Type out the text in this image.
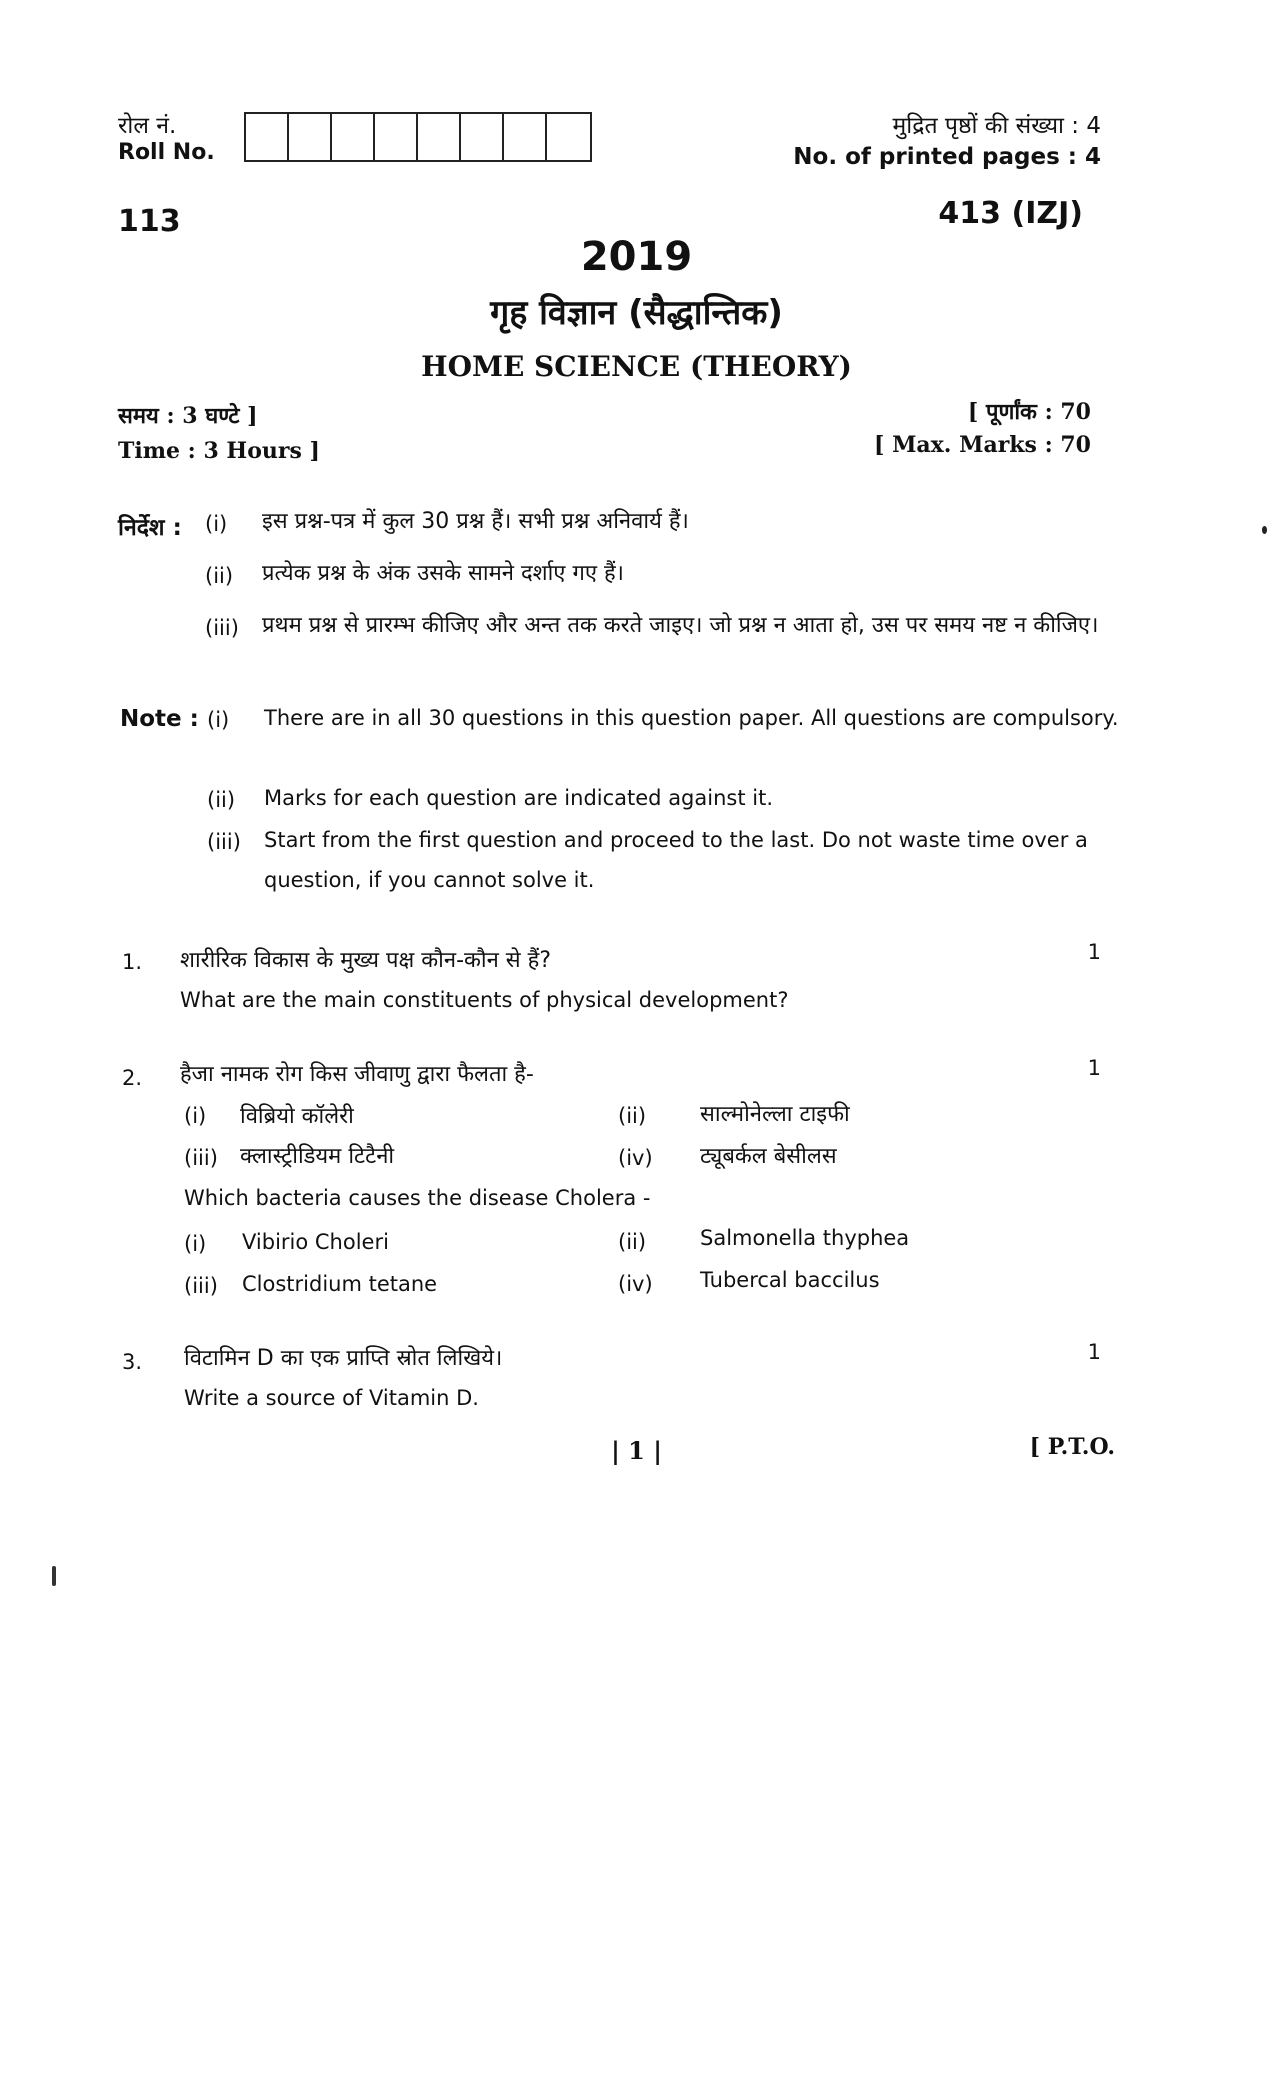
रोल नं.
Roll No.
मुद्रित पृष्ठों की संख्या : 4
No. of printed pages : 4
113	413 (IZJ)
2019
गृह विज्ञान (सैद्धान्तिक)
HOME SCIENCE (THEORY)
समय : 3 घण्टे ]
Time : 3 Hours ]
[ पूर्णांक : 70
[ Max. Marks : 70
निर्देश : (i) इस प्रश्न-पत्र में कुल 30 प्रश्न हैं। सभी प्रश्न अनिवार्य हैं।
(ii) प्रत्येक प्रश्न के अंक उसके सामने दर्शाए गए हैं।
(iii) प्रथम प्रश्न से प्रारम्भ कीजिए और अन्त तक करते जाइए। जो प्रश्न न आता हो, उस पर समय नष्ट न कीजिए।
Note : (i) There are in all 30 questions in this question paper. All questions are compulsory.
(ii) Marks for each question are indicated against it.
(iii) Start from the first question and proceed to the last. Do not waste time over a question, if you cannot solve it.
1. शारीरिक विकास के मुख्य पक्ष कौन-कौन से हैं?	1
What are the main constituents of physical development?
2. हैजा नामक रोग किस जीवाणु द्वारा फैलता है-	1
(i) विब्रियो कॉलेरी	(ii) साल्मोनेल्ला टाइफी
(iii) क्लास्ट्रीडियम टिटैनी	(iv) ट्यूबर्कल बेसीलस
Which bacteria causes the disease Cholera -
(i) Vibirio Choleri	(ii)	Salmonella thyphea
(iii) Clostridium tetane	(iv) Tubercal baccilus
3. विटामिन D का एक प्राप्ति स्रोत लिखिये।	1
Write a source of Vitamin D.
| 1 |	[ P.T.O.
